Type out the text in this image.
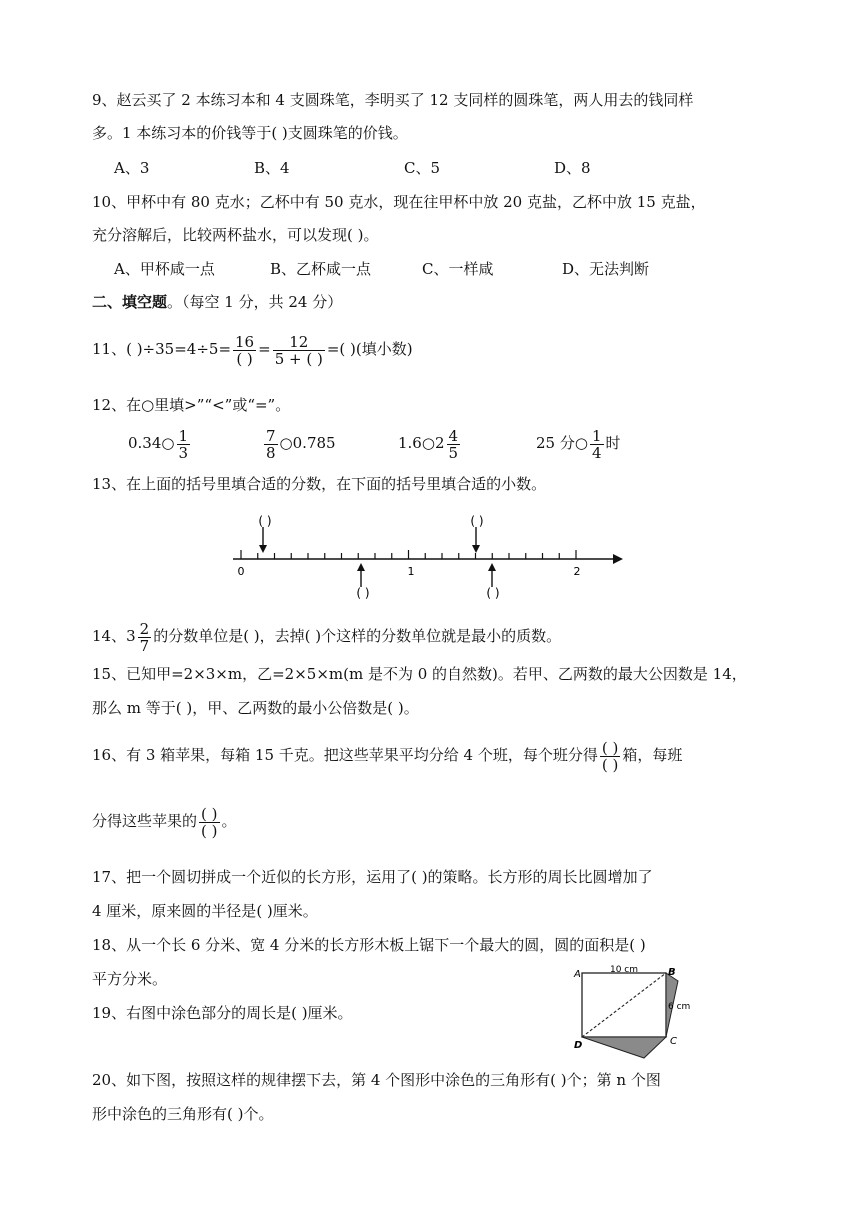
9、赵云买了 2 本练习本和 4 支圆珠笔，李明买了 12 支同样的圆珠笔，两人用去的钱同样
多。1 本练习本的价钱等于( )支圆珠笔的价钱。
A、3	B、4	C、5	D、8
10、甲杯中有 80 克水；乙杯中有 50 克水，现在往甲杯中放 20 克盐，乙杯中放 15 克盐，
充分溶解后，比较两杯盐水，可以发现( )。
A、甲杯咸一点	B、乙杯咸一点	C、一样咸	D、无法判断
二、填空题。（每空 1 分，共 24 分）
11、( )$\div 35=4\div 5= \frac{16}{( )} = \frac{12}{5 + ( )}$ =( )(填小数)
12、在○里填>”“<”或“=”。
0.34○ $\frac{1}{3}$	$\frac{7}{8}$ ○0.785	1.6○2 $\frac{4}{5}$	25 分○ $\frac{1}{4}$ 时
13、在上面的括号里填合适的分数，在下面的括号里填合适的小数。
0	1	2
( )	( )
( )	( )
14、$3 \frac{2}{7}$ 的分数单位是( )，去掉( )个这样的分数单位就是最小的质数。
15、已知甲=2×3×m，乙=2×5×m(m 是不为 0 的自然数)。若甲、乙两数的最大公因数是 14，
那么 m 等于( )，甲、乙两数的最小公倍数是( )。
16、有 3 箱苹果，每箱 15 千克。把这些苹果平均分给 4 个班，每个班分得 $\frac{( )}{( )}$ 箱，每班
分得这些苹果的 $\frac{( )}{( )}$ 。
17、把一个圆切拼成一个近似的长方形，运用了( )的策略。长方形的周长比圆增加了
4 厘米，原来圆的半径是( )厘米。
18、从一个长 6 分米、宽 4 分米的长方形木板上锯下一个最大的圆，圆的面积是( )
平方分米。
19、右图中涂色部分的周长是( )厘米。
A	B
C
D
10 cm
6 cm
20、如下图，按照这样的规律摆下去，第 4 个图形中涂色的三角形有( )个；第 n 个图
形中涂色的三角形有( )个。
